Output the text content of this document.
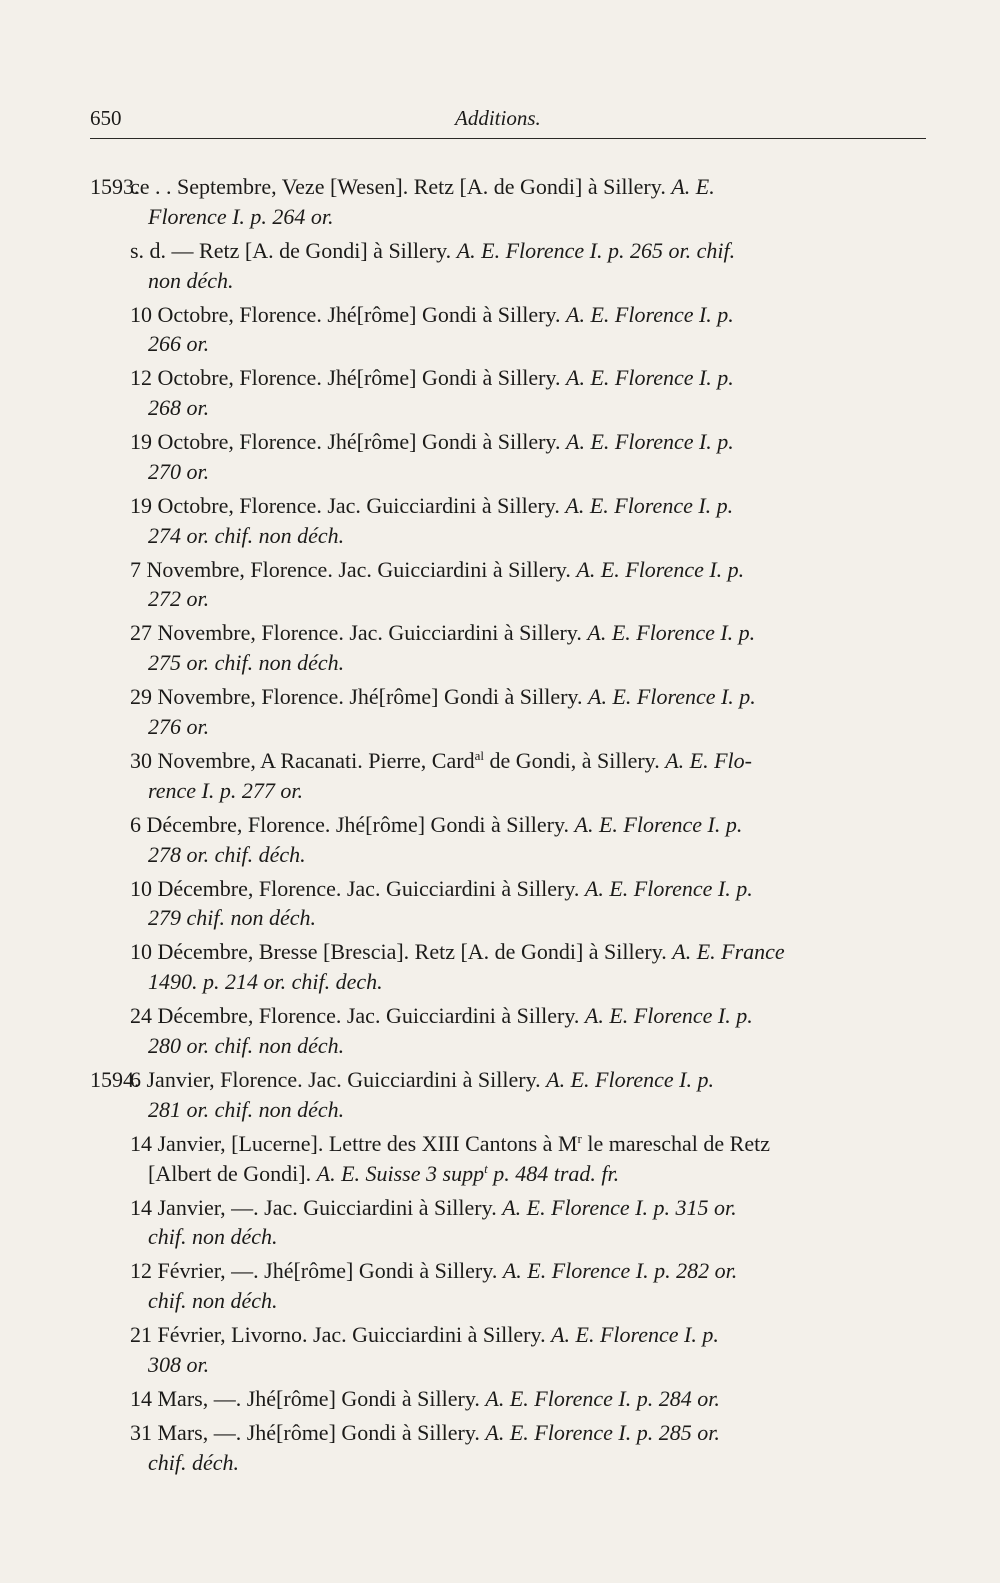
650	Additions.
1593.
ce . . Septembre, Veze [Wesen]. Retz [A. de Gondi] à Sillery. A. E.
Florence I. p. 264 or.
s. d. — Retz [A. de Gondi] à Sillery. A. E. Florence I. p. 265 or. chif.
non déch.
10 Octobre, Florence. Jhé[rôme] Gondi à Sillery. A. E. Florence I. p.
266 or.
12 Octobre, Florence. Jhé[rôme] Gondi à Sillery. A. E. Florence I. p.
268 or.
19 Octobre, Florence. Jhé[rôme] Gondi à Sillery. A. E. Florence I. p.
270 or.
19 Octobre, Florence. Jac. Guicciardini à Sillery. A. E. Florence I. p.
274 or. chif. non déch.
7 Novembre, Florence. Jac. Guicciardini à Sillery. A. E. Florence I. p.
272 or.
27 Novembre, Florence. Jac. Guicciardini à Sillery. A. E. Florence I. p.
275 or. chif. non déch.
29 Novembre, Florence. Jhé[rôme] Gondi à Sillery. A. E. Florence I. p.
276 or.
30 Novembre, A Racanati. Pierre, Card$^{al}$ de Gondi, à Sillery. A. E. Flo-
rence I. p. 277 or.
6 Décembre, Florence. Jhé[rôme] Gondi à Sillery. A. E. Florence I. p.
278 or. chif. déch.
10 Décembre, Florence. Jac. Guicciardini à Sillery. A. E. Florence I. p.
279 chif. non déch.
10 Décembre, Bresse [Brescia]. Retz [A. de Gondi] à Sillery. A. E. France
1490. p. 214 or. chif. dech.
24 Décembre, Florence. Jac. Guicciardini à Sillery. A. E. Florence I. p.
280 or. chif. non déch.
1594.
6 Janvier, Florence. Jac. Guicciardini à Sillery. A. E. Florence I. p.
281 or. chif. non déch.
14 Janvier, [Lucerne]. Lettre des XIII Cantons à $M^r$ le mareschal de Retz
[Albert de Gondi]. A. E. Suisse 3 supp$^t$ p. 484 trad. fr.
14 Janvier, —. Jac. Guicciardini à Sillery. A. E. Florence I. p. 315 or.
chif. non déch.
12 Février, —. Jhé[rôme] Gondi à Sillery. A. E. Florence I. p. 282 or.
chif. non déch.
21 Février, Livorno. Jac. Guicciardini à Sillery. A. E. Florence I. p.
308 or.
14 Mars, —. Jhé[rôme] Gondi à Sillery. A. E. Florence I. p. 284 or.
31 Mars, —. Jhé[rôme] Gondi à Sillery. A. E. Florence I. p. 285 or.
chif. déch.
